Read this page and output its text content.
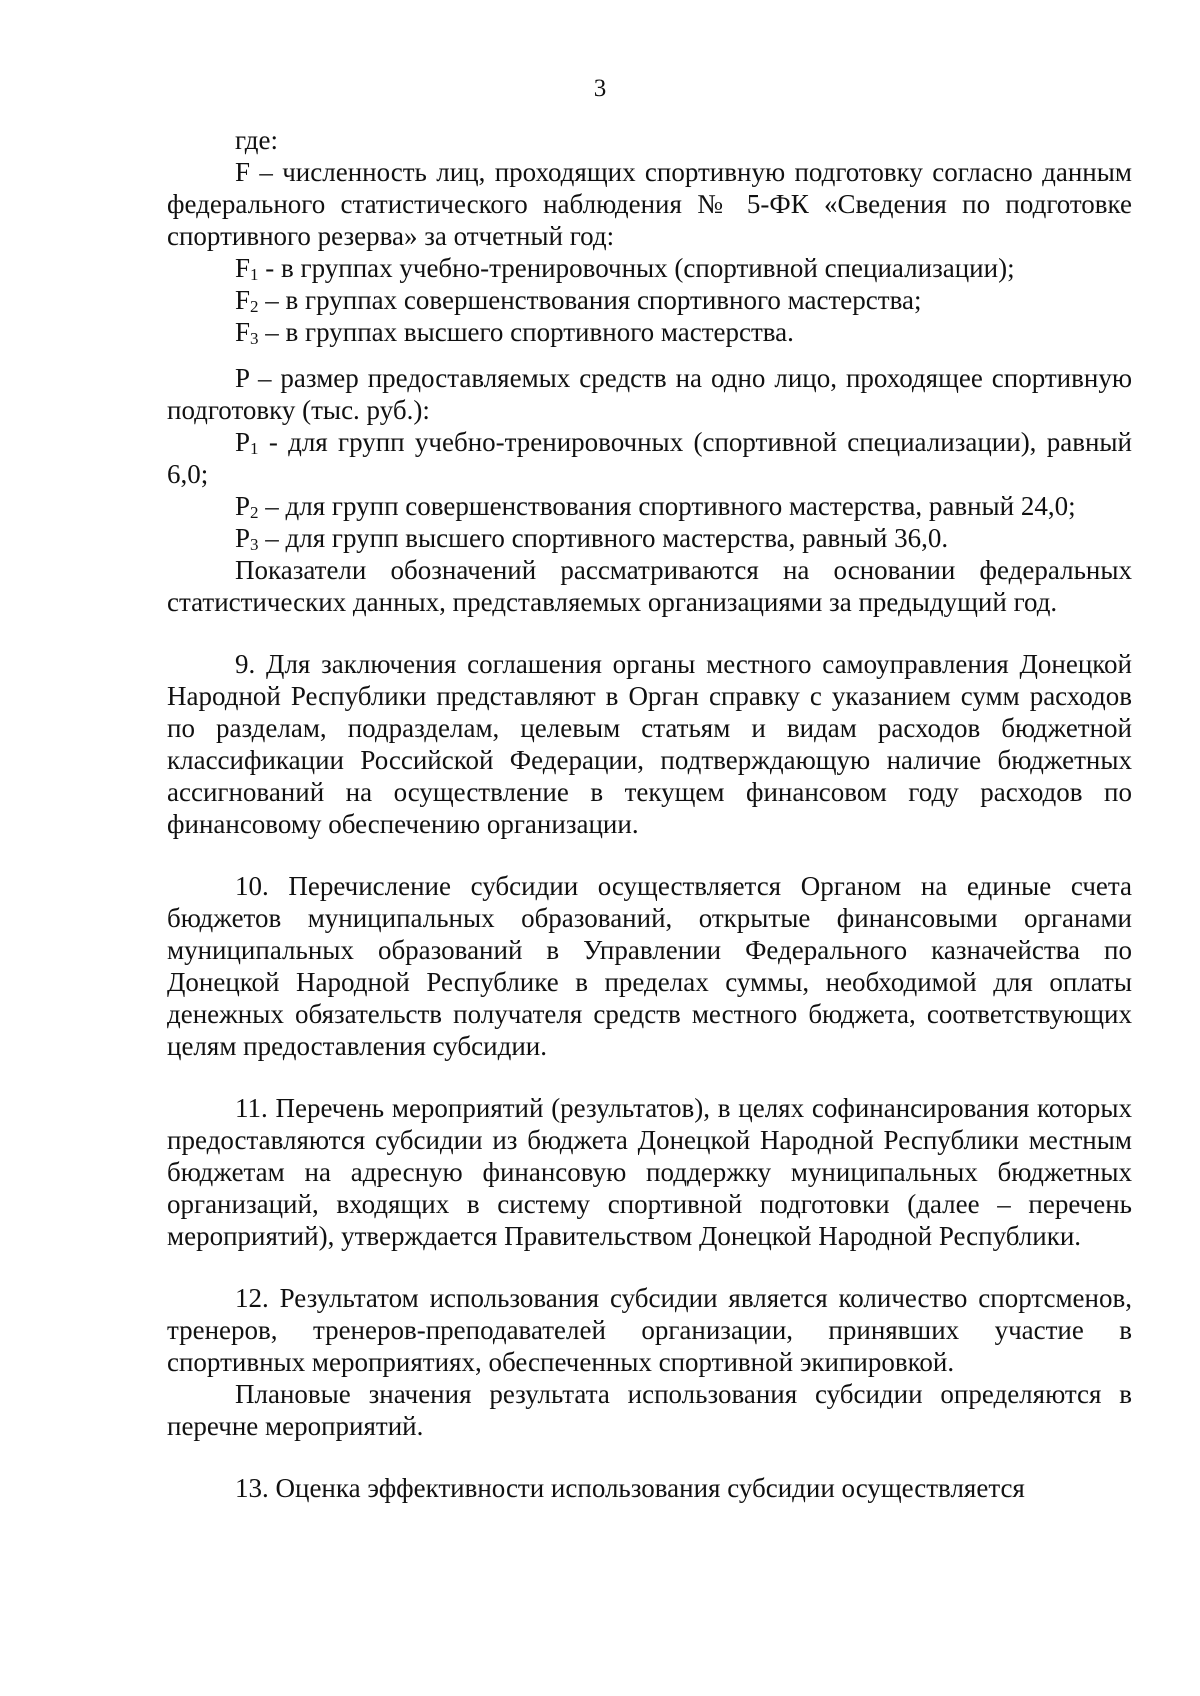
3

где:

F – численность лиц, проходящих спортивную подготовку согласно данным федерального статистического наблюдения № 5-ФК «Сведения по подготовке спортивного резерва» за отчетный год:

$F_1$ - в группах учебно-тренировочных (спортивной специализации);

$F_2$ – в группах совершенствования спортивного мастерства;

$F_3$ – в группах высшего спортивного мастерства.

P – размер предоставляемых средств на одно лицо, проходящее спортивную подготовку (тыс. руб.):

$P_1$ - для групп учебно-тренировочных (спортивной специализации), равный 6,0;

$P_2$ – для групп совершенствования спортивного мастерства, равный 24,0;

$P_3$ – для групп высшего спортивного мастерства, равный 36,0.

Показатели обозначений рассматриваются на основании федеральных статистических данных, представляемых организациями за предыдущий год.

9. Для заключения соглашения органы местного самоуправления Донецкой Народной Республики представляют в Орган справку с указанием сумм расходов по разделам, подразделам, целевым статьям и видам расходов бюджетной классификации Российской Федерации, подтверждающую наличие бюджетных ассигнований на осуществление в текущем финансовом году расходов по финансовому обеспечению организации.

10. Перечисление субсидии осуществляется Органом на единые счета бюджетов муниципальных образований, открытые финансовыми органами муниципальных образований в Управлении Федерального казначейства по Донецкой Народной Республике в пределах суммы, необходимой для оплаты денежных обязательств получателя средств местного бюджета, соответствующих целям предоставления субсидии.

11. Перечень мероприятий (результатов), в целях софинансирования которых предоставляются субсидии из бюджета Донецкой Народной Республики местным бюджетам на адресную финансовую поддержку муниципальных бюджетных организаций, входящих в систему спортивной подготовки (далее – перечень мероприятий), утверждается Правительством Донецкой Народной Республики.

12. Результатом использования субсидии является количество спортсменов, тренеров, тренеров-преподавателей организации, принявших участие в спортивных мероприятиях, обеспеченных спортивной экипировкой.

Плановые значения результата использования субсидии определяются в перечне мероприятий.

13. Оценка эффективности использования субсидии осуществляется
